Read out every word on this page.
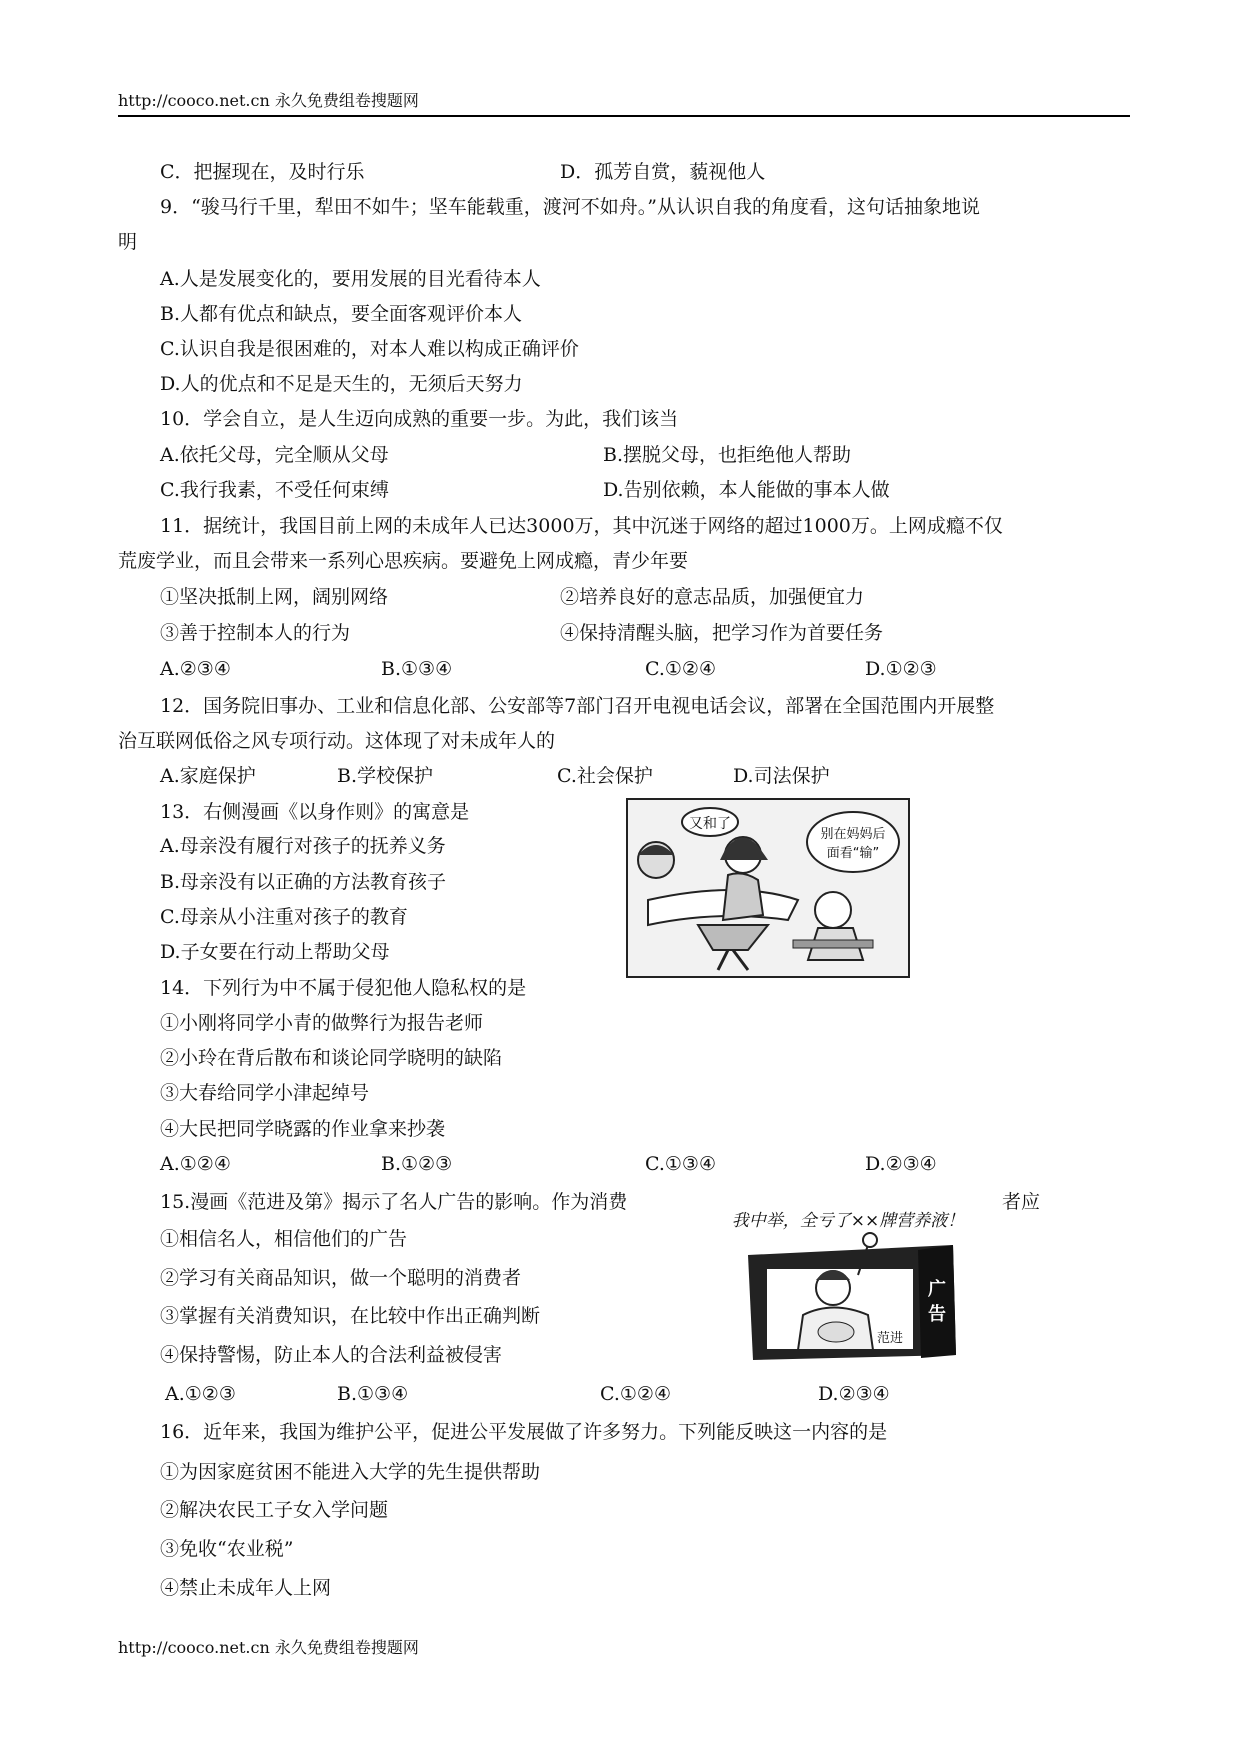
http://cooco.net.cn 永久免费组卷搜题网
C．把握现在，及时行乐	D．孤芳自赏，藐视他人
9．“骏马行千里，犁田不如牛；坚车能载重，渡河不如舟。”从认识自我的角度看，这句话抽象地说
明
A.人是发展变化的，要用发展的目光看待本人
B.人都有优点和缺点，要全面客观评价本人
C.认识自我是很困难的，对本人难以构成正确评价
D.人的优点和不足是天生的，无须后天努力
10．学会自立，是人生迈向成熟的重要一步。为此，我们该当
A.依托父母，完全顺从父母	B.摆脱父母，也拒绝他人帮助
C.我行我素，不受任何束缚	D.告别依赖，本人能做的事本人做
11．据统计，我国目前上网的未成年人已达3000万，其中沉迷于网络的超过1000万。上网成瘾不仅
荒废学业，而且会带来一系列心思疾病。要避免上网成瘾，青少年要
①坚决抵制上网，阔别网络	②培养良好的意志品质，加强便宜力
③善于控制本人的行为	④保持清醒头脑，把学习作为首要任务
A.②③④	B.①③④	C.①②④	D.①②③
12．国务院旧事办、工业和信息化部、公安部等7部门召开电视电话会议，部署在全国范围内开展整
治互联网低俗之风专项行动。这体现了对未成年人的
A.家庭保护	B.学校保护	C.社会保护	D.司法保护
13．右侧漫画《以身作则》的寓意是
A.母亲没有履行对孩子的抚养义务
B.母亲没有以正确的方法教育孩子
C.母亲从小注重对孩子的教育
D.子女要在行动上帮助父母
又和了
别在妈妈后
面看“输”
14．下列行为中不属于侵犯他人隐私权的是
①小刚将同学小青的做弊行为报告老师
②小玲在背后散布和谈论同学晓明的缺陷
③大春给同学小津起绰号
④大民把同学晓露的作业拿来抄袭
A.①②④	B.①②③	C.①③④	D.②③④
15.漫画《范进及第》揭示了名人广告的影响。作为消费	者应
①相信名人，相信他们的广告
②学习有关商品知识，做一个聪明的消费者
③掌握有关消费知识，在比较中作出正确判断
④保持警惕，防止本人的合法利益被侵害
A.①②③	B.①③④	C.①②④	D.②③④
我中举，全亏了××牌营养液！
广
告
范进
16．近年来，我国为维护公平，促进公平发展做了许多努力。下列能反映这一内容的是
①为因家庭贫困不能进入大学的先生提供帮助
②解决农民工子女入学问题
③免收“农业税”
④禁止未成年人上网
http://cooco.net.cn 永久免费组卷搜题网
